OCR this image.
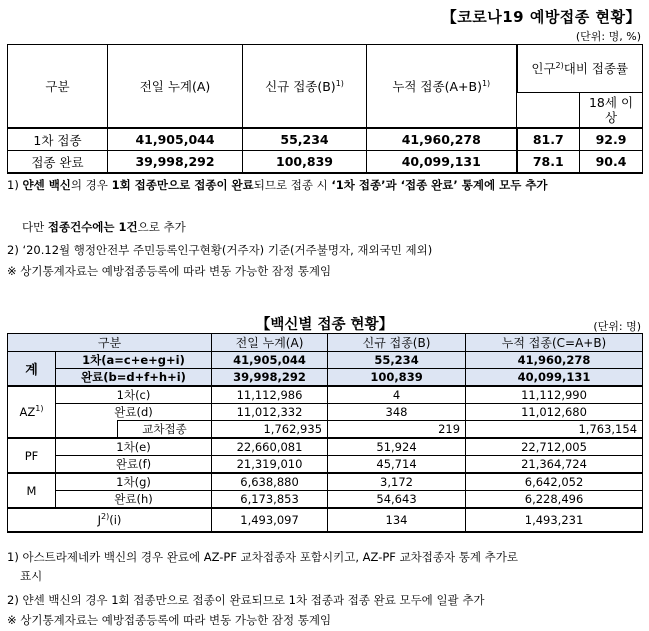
【코로나19 예방접종 현황】
(단위: 명, %)
구분	전일 누계(A)	신규 접종$(B)^{1)}$	누적 접종$(A+B)^{1)}$	인구$^{2)}$대비 접종률	
					18세 이상
1차 접종	41,905,044	55,234	41,960,278	81.7	92.9
접종 완료	39,998,292	100,839	40,099,131	78.1	90.4
1) 얀센 백신의 경우 1회 접종만으로 접종이 완료되므로 접종 시 ‘1차 접종’과 ‘접종 완료’ 통계에 모두 추가
다만 접종건수에는 1건으로 추가
2) ‘20.12월 행정안전부 주민등록인구현황(거주자) 기준(거주불명자, 재외국민 제외)
※ 상기통계자료는 예방접종등록에 따라 변동 가능한 잠정 통계임
【백신별 접종 현황】	(단위: 명)
구분			전일 누계(A)	신규 접종(B)	누적 접종(C=A+B)
계	1차(a=c+e+g+i)		41,905,044	55,234	41,960,278
	완료(b=d+f+h+i)		39,998,292	100,839	40,099,131
AZ$^{1)}$	1차(c)		11,112,986	4	11,112,990
	완료(d)		11,012,332	348	11,012,680
		교차접종	1,762,935	219	1,763,154
PF	1차(e)		22,660,081	51,924	22,712,005
	완료(f)		21,319,010	45,714	21,364,724
M	1차(g)		6,638,880	3,172	6,642,052
	완료(h)		6,173,853	54,643	6,228,496
$J^{2)}(i)$			1,493,097	134	1,493,231
1) 아스트라제네카 백신의 경우 완료에 AZ-PF 교차접종자 포함시키고, AZ-PF 교차접종자 통계 추가로
표시
2) 얀센 백신의 경우 1회 접종만으로 접종이 완료되므로 1차 접종과 접종 완료 모두에 일괄 추가
※ 상기통계자료는 예방접종등록에 따라 변동 가능한 잠정 통계임
